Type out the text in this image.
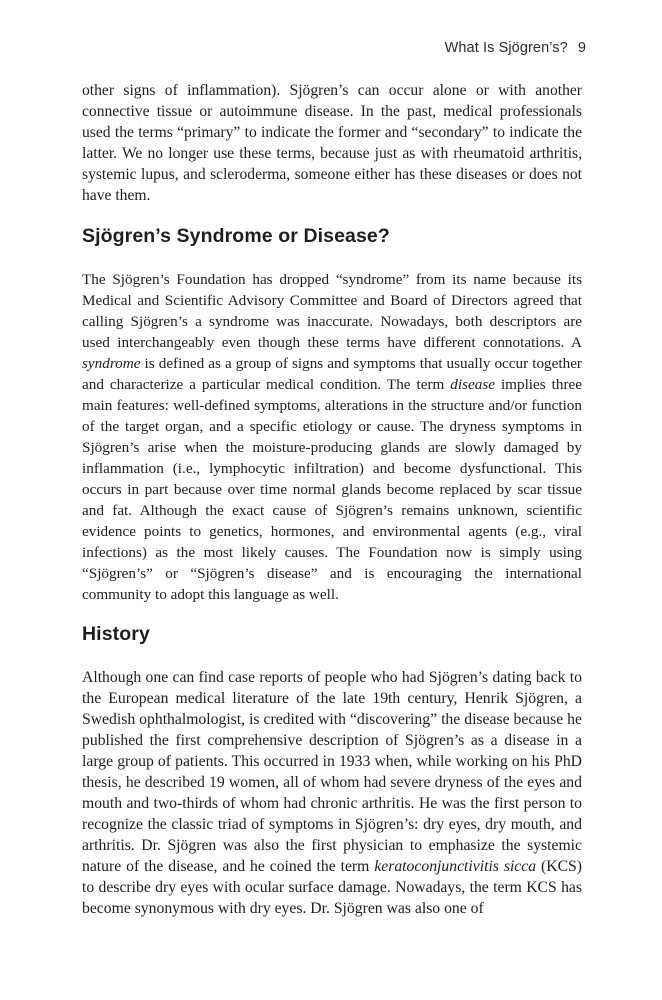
What Is Sjögren’s? 9

other signs of inflammation). Sjögren’s can occur alone or with another connective tissue or autoimmune disease. In the past, medical professionals used the terms “primary” to indicate the former and “secondary” to indicate the latter. We no longer use these terms, because just as with rheumatoid arthritis, systemic lupus, and scleroderma, someone either has these diseases or does not have them.

Sjögren’s Syndrome or Disease?

The Sjögren’s Foundation has dropped “syndrome” from its name because its Medical and Scientific Advisory Committee and Board of Directors agreed that calling Sjögren’s a syndrome was inaccurate. Nowadays, both descriptors are used interchangeably even though these terms have different connotations. A syndrome is defined as a group of signs and symptoms that usually occur together and characterize a particular medical condition. The term disease implies three main features: well-defined symptoms, alterations in the structure and/or function of the target organ, and a specific etiology or cause. The dryness symptoms in Sjögren’s arise when the moisture-producing glands are slowly damaged by inflammation (i.e., lymphocytic infiltration) and become dysfunctional. This occurs in part because over time normal glands become replaced by scar tissue and fat. Although the exact cause of Sjögren’s remains unknown, scientific evidence points to genetics, hormones, and environmental agents (e.g., viral infections) as the most likely causes. The Foundation now is simply using “Sjögren’s” or “Sjögren’s disease” and is encouraging the international community to adopt this language as well.

History

Although one can find case reports of people who had Sjögren’s dating back to the European medical literature of the late 19th century, Henrik Sjögren, a Swedish ophthalmologist, is credited with “discovering” the disease because he published the first comprehensive description of Sjögren’s as a disease in a large group of patients. This occurred in 1933 when, while working on his PhD thesis, he described 19 women, all of whom had severe dryness of the eyes and mouth and two-thirds of whom had chronic arthritis. He was the first person to recognize the classic triad of symptoms in Sjögren’s: dry eyes, dry mouth, and arthritis. Dr. Sjögren was also the first physician to emphasize the systemic nature of the disease, and he coined the term keratoconjunctivitis sicca (KCS) to describe dry eyes with ocular surface damage. Nowadays, the term KCS has become synonymous with dry eyes. Dr. Sjögren was also one of
